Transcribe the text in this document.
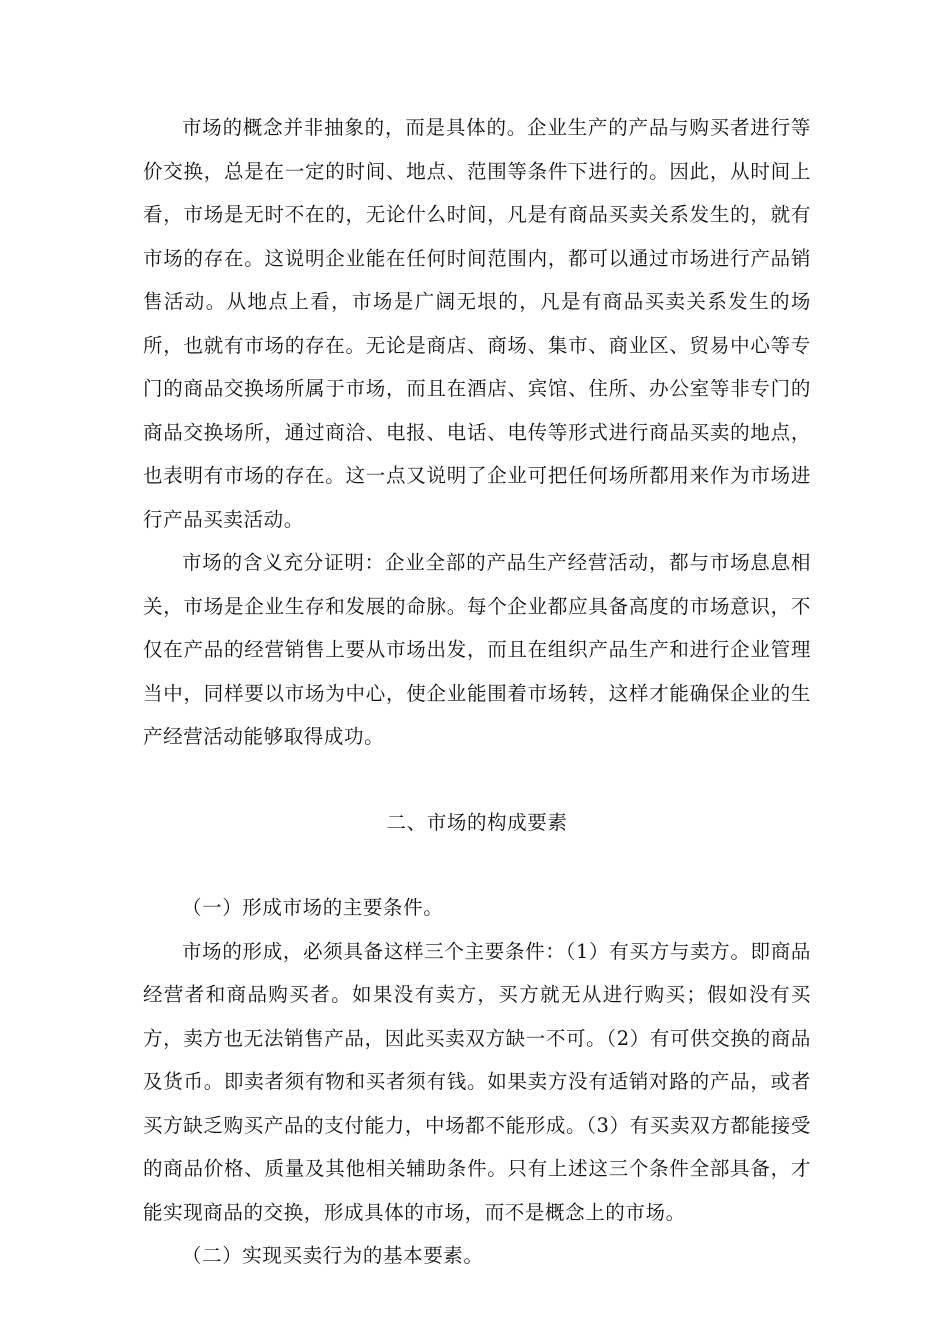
市场的概念并非抽象的，而是具体的。企业生产的产品与购买者进行等价交换，总是在一定的时间、地点、范围等条件下进行的。因此，从时间上看，市场是无时不在的，无论什么时间，凡是有商品买卖关系发生的，就有市场的存在。这说明企业能在任何时间范围内，都可以通过市场进行产品销售活动。从地点上看，市场是广阔无垠的，凡是有商品买卖关系发生的场所，也就有市场的存在。无论是商店、商场、集市、商业区、贸易中心等专门的商品交换场所属于市场，而且在酒店、宾馆、住所、办公室等非专门的商品交换场所，通过商洽、电报、电话、电传等形式进行商品买卖的地点，也表明有市场的存在。这一点又说明了企业可把任何场所都用来作为市场进行产品买卖活动。

市场的含义充分证明：企业全部的产品生产经营活动，都与市场息息相关，市场是企业生存和发展的命脉。每个企业都应具备高度的市场意识，不仅在产品的经营销售上要从市场出发，而且在组织产品生产和进行企业管理当中，同样要以市场为中心，使企业能围着市场转，这样才能确保企业的生产经营活动能够取得成功。

二、市场的构成要素

（一）形成市场的主要条件。

市场的形成，必须具备这样三个主要条件：（1）有买方与卖方。即商品经营者和商品购买者。如果没有卖方，买方就无从进行购买；假如没有买方，卖方也无法销售产品，因此买卖双方缺一不可。（2）有可供交换的商品及货币。即卖者须有物和买者须有钱。如果卖方没有适销对路的产品，或者买方缺乏购买产品的支付能力，中场都不能形成。（3）有买卖双方都能接受的商品价格、质量及其他相关辅助条件。只有上述这三个条件全部具备，才能实现商品的交换，形成具体的市场，而不是概念上的市场。

（二）实现买卖行为的基本要素。
